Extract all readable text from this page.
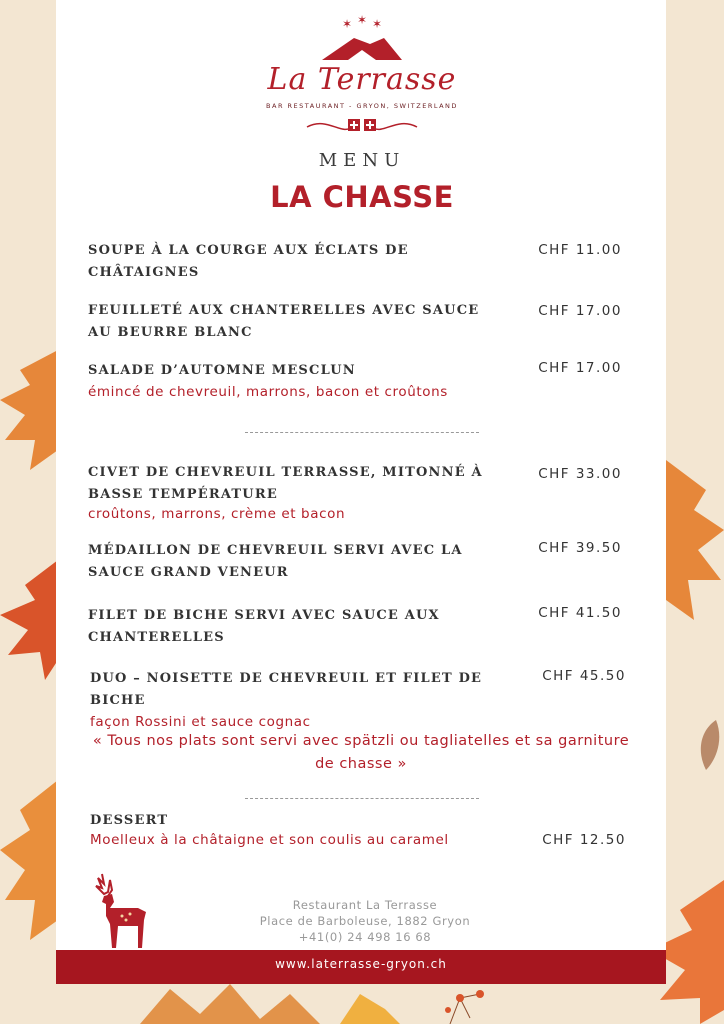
✶ ✶ ✶
La Terrasse
BAR RESTAURANT - GRYON, SWITZERLAND
MENU
LA CHASSE
SOUPE À LA COURGE AUX ÉCLATS DE CHÂTAIGNES
CHF 11.00
FEUILLETÉ AUX CHANTERELLES AVEC SAUCE AU BEURRE BLANC
CHF 17.00
SALADE D’AUTOMNE MESCLUN
émincé de chevreuil, marrons, bacon et croûtons
CHF 17.00
CIVET DE CHEVREUIL TERRASSE, MITONNÉ À BASSE TEMPÉRATURE
croûtons, marrons, crème et bacon
CHF 33.00
MÉDAILLON DE CHEVREUIL SERVI AVEC LA SAUCE GRAND VENEUR
CHF 39.50
FILET DE BICHE SERVI AVEC SAUCE AUX CHANTERELLES
CHF 41.50
DUO – NOISETTE DE CHEVREUIL ET FILET DE BICHE
façon Rossini et sauce cognac
CHF 45.50
« Tous nos plats sont servi avec spätzli ou tagliatelles et sa garniture de chasse »
DESSERT
Moelleux à la châtaigne et son coulis au caramel	CHF 12.50
Restaurant La Terrasse
Place de Barboleuse, 1882 Gryon
+41(0) 24 498 16 68
www.laterrasse-gryon.ch
